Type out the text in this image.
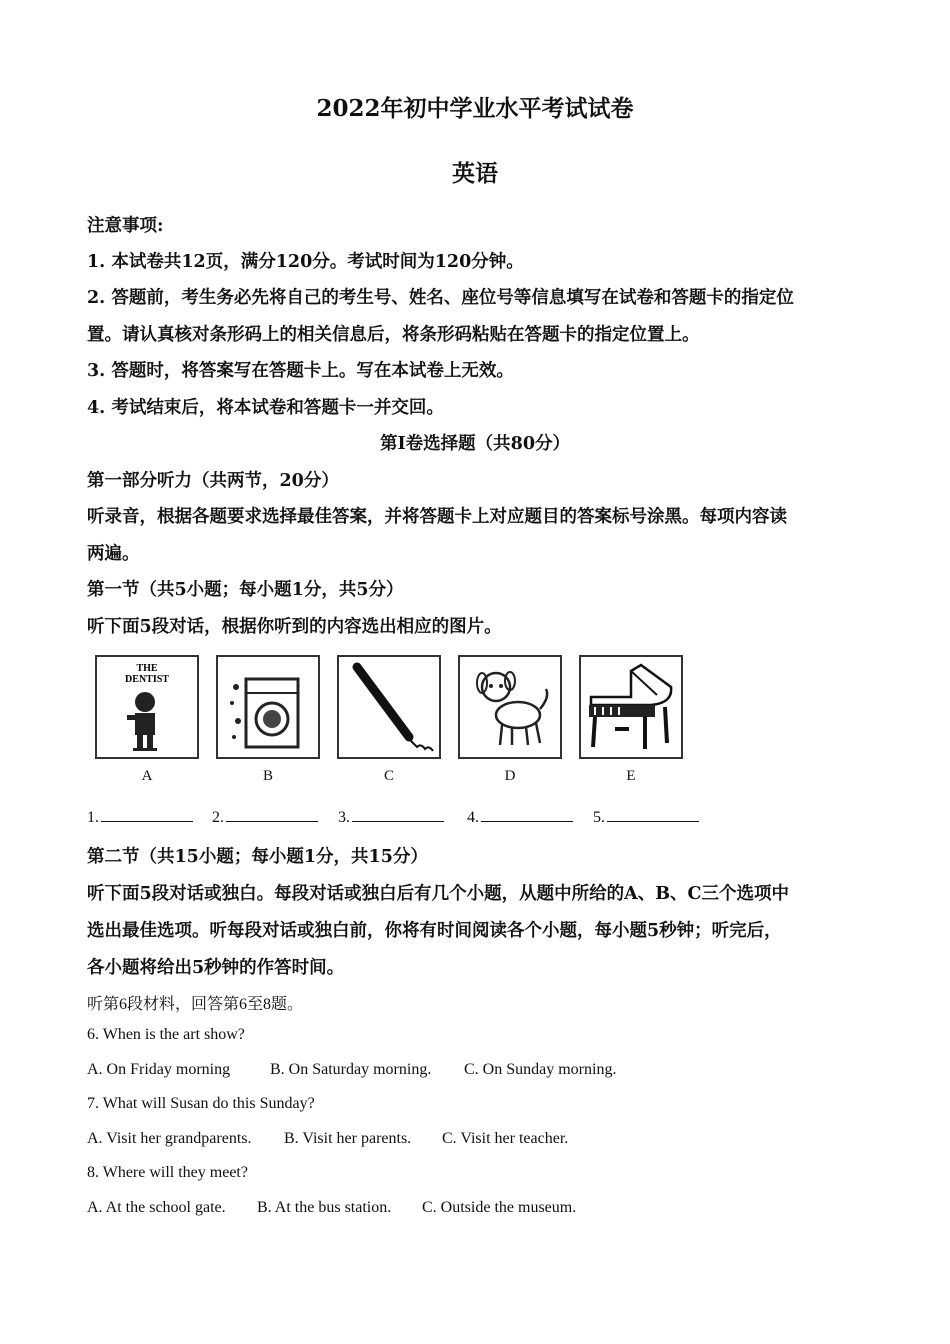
2022年初中学业水平考试试卷
英语
注意事项:
1. 本试卷共12页，满分120分。考试时间为120分钟。
2. 答题前，考生务必先将自己的考生号、姓名、座位号等信息填写在试卷和答题卡的指定位
置。请认真核对条形码上的相关信息后，将条形码粘贴在答题卡的指定位置上。
3. 答题时，将答案写在答题卡上。写在本试卷上无效。
4. 考试结束后，将本试卷和答题卡一并交回。
第I卷选择题（共80分）
第一部分听力（共两节，20分）
听录音，根据各题要求选择最佳答案，并将答题卡上对应题目的答案标号涂黑。每项内容读
两遍。
第一节（共5小题；每小题1分，共5分）
听下面5段对话，根据你听到的内容选出相应的图片。
THE
DENTIST
A	B	C	D	E
1.	2.	3.	4.	5.
第二节（共15小题；每小题1分，共15分）
听下面5段对话或独白。每段对话或独白后有几个小题，从题中所给的A、B、C三个选项中
选出最佳选项。听每段对话或独白前，你将有时间阅读各个小题，每小题5秒钟；听完后，
各小题将给出5秒钟的作答时间。
听第6段材料，回答第6至8题。
6. When is the art show?
A. On Friday morning B. On Saturday morning. C. On Sunday morning.
7. What will Susan do this Sunday?
A. Visit her grandparents. B. Visit her parents. C. Visit her teacher.
8. Where will they meet?
A. At the school gate. B. At the bus station. C. Outside the museum.
